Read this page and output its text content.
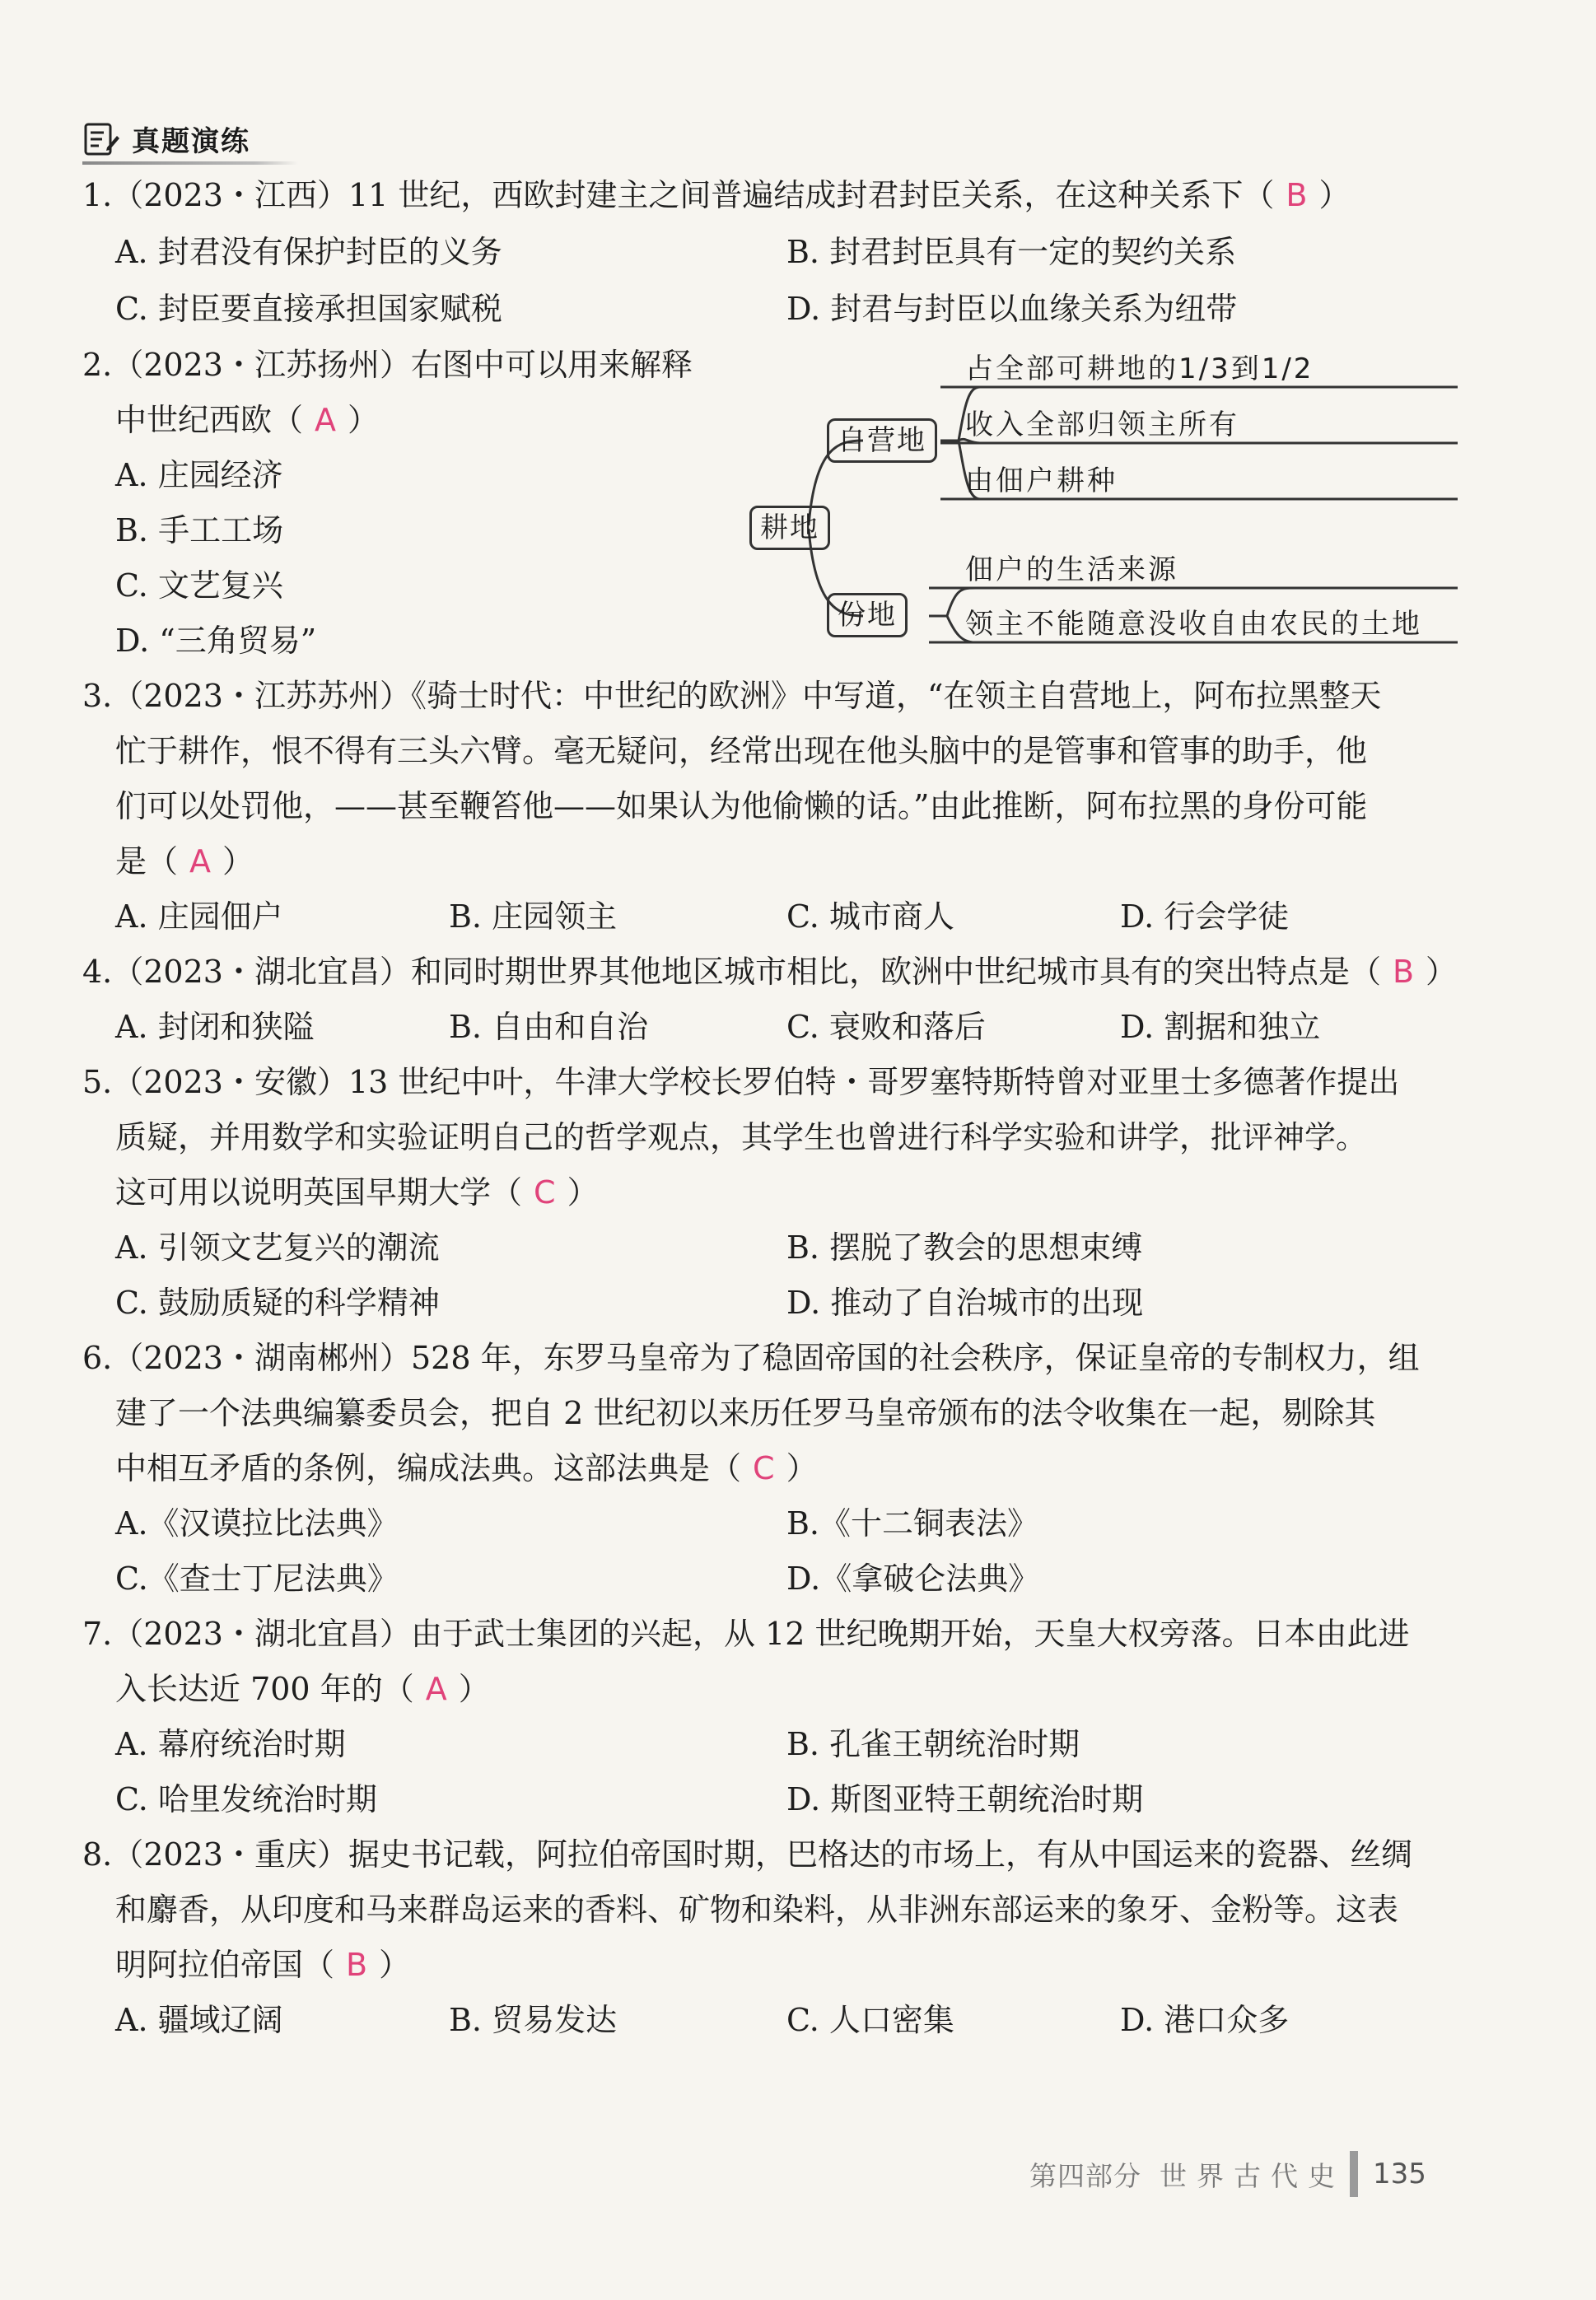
真题演练
1.（2023・江西）11 世纪，西欧封建主之间普遍结成封君封臣关系，在这种关系下（ B ）
A. 封君没有保护封臣的义务	B. 封君封臣具有一定的契约关系
C. 封臣要直接承担国家赋税	D. 封君与封臣以血缘关系为纽带
2.（2023・江苏扬州）右图中可以用来解释
中世纪西欧（ A ）
A. 庄园经济
B. 手工工场
C. 文艺复兴
D. “三角贸易”
耕地
自营地
份地
占全部可耕地的1/3到1/2
收入全部归领主所有
由佃户耕种
佃户的生活来源
领主不能随意没收自由农民的土地
3.（2023・江苏苏州）《骑士时代：中世纪的欧洲》中写道，“在领主自营地上，阿布拉黑整天
忙于耕作，恨不得有三头六臂。毫无疑问，经常出现在他头脑中的是管事和管事的助手，他
们可以处罚他，——甚至鞭笞他——如果认为他偷懒的话。”由此推断，阿布拉黑的身份可能
是（ A ）
A. 庄园佃户	B. 庄园领主	C. 城市商人	D. 行会学徒
4.（2023・湖北宜昌）和同时期世界其他地区城市相比，欧洲中世纪城市具有的突出特点是（ B ）
A. 封闭和狭隘	B. 自由和自治	C. 衰败和落后	D. 割据和独立
5.（2023・安徽）13 世纪中叶，牛津大学校长罗伯特・哥罗塞特斯特曾对亚里士多德著作提出
质疑，并用数学和实验证明自己的哲学观点，其学生也曾进行科学实验和讲学，批评神学。
这可用以说明英国早期大学（ C ）
A. 引领文艺复兴的潮流	B. 摆脱了教会的思想束缚
C. 鼓励质疑的科学精神	D. 推动了自治城市的出现
6.（2023・湖南郴州）528 年，东罗马皇帝为了稳固帝国的社会秩序，保证皇帝的专制权力，组
建了一个法典编纂委员会，把自 2 世纪初以来历任罗马皇帝颁布的法令收集在一起，剔除其
中相互矛盾的条例，编成法典。这部法典是（ C ）
A.《汉谟拉比法典》	B.《十二铜表法》
C.《查士丁尼法典》	D.《拿破仑法典》
7.（2023・湖北宜昌）由于武士集团的兴起，从 12 世纪晚期开始，天皇大权旁落。日本由此进
入长达近 700 年的（ A ）
A. 幕府统治时期	B. 孔雀王朝统治时期
C. 哈里发统治时期	D. 斯图亚特王朝统治时期
8.（2023・重庆）据史书记载，阿拉伯帝国时期，巴格达的市场上，有从中国运来的瓷器、丝绸
和麝香，从印度和马来群岛运来的香料、矿物和染料，从非洲东部运来的象牙、金粉等。这表
明阿拉伯帝国（ B ）
A. 疆域辽阔	B. 贸易发达	C. 人口密集	D. 港口众多
第四部分 世界古代史 135
